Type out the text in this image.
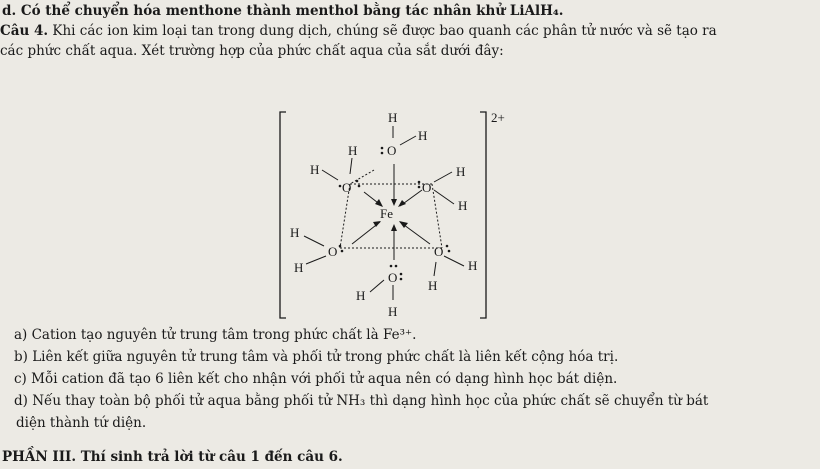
d. Có thể chuyển hóa menthone thành menthol bằng tác nhân khử LiAlH₄.
Câu 4. Khi các ion kim loại tan trong dung dịch, chúng sẽ được bao quanh các phân tử nước và sẽ tạo ra
các phức chất aqua. Xét trường hợp của phức chất aqua của sắt dưới đây:
2+
Fe
H
O
H
H
H
O	O
H
H
H
H
O	O
H
H
O
H
H
a) Cation tạo nguyên tử trung tâm trong phức chất là Fe³⁺.
b) Liên kết giữa nguyên tử trung tâm và phối tử trong phức chất là liên kết cộng hóa trị.
c) Mỗi cation đã tạo 6 liên kết cho nhận với phối tử aqua nên có dạng hình học bát diện.
d) Nếu thay toàn bộ phối tử aqua bằng phối tử NH₃ thì dạng hình học của phức chất sẽ chuyển từ bát
diện thành tứ diện.
PHẦN III. Thí sinh trả lời từ câu 1 đến câu 6.
